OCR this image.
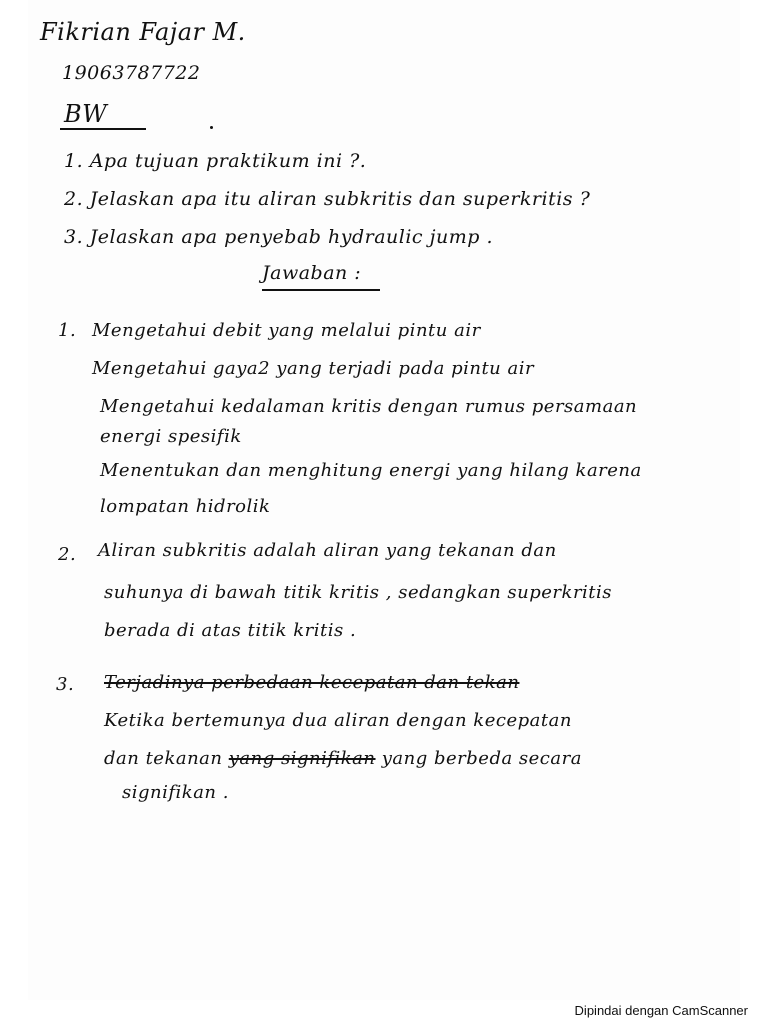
Fikrian Fajar M.
19063787722
BW
1. Apa tujuan praktikum ini ?.
2. Jelaskan apa itu aliran subkritis dan superkritis ?
3. Jelaskan apa penyebab hydraulic jump .
Jawaban :
1. Mengetahui debit yang melalui pintu air
Mengetahui gaya2 yang terjadi pada pintu air
Mengetahui kedalaman kritis dengan rumus persamaan
energi spesifik
Menentukan dan menghitung energi yang hilang karena
lompatan hidrolik
2. Aliran subkritis adalah aliran yang tekanan dan
suhunya di bawah titik kritis , sedangkan superkritis
berada di atas titik kritis .
3. Terjadinya perbedaan kecepatan dan tekan
Ketika bertemunya dua aliran dengan kecepatan
dan tekanan yang signifikan yang berbeda secara
signifikan .
Dipindai dengan CamScanner
